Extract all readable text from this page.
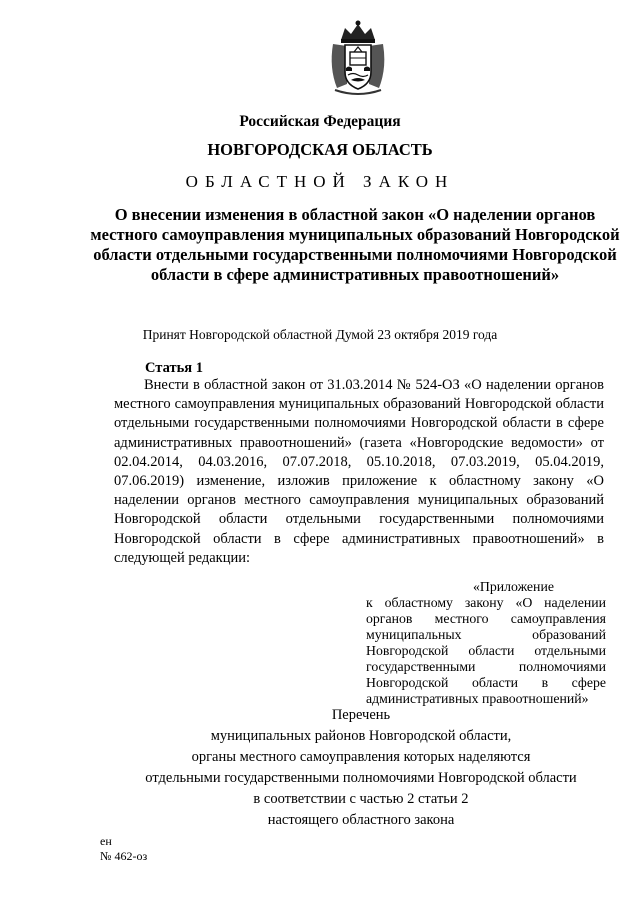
Российская Федерация
НОВГОРОДСКАЯ ОБЛАСТЬ
ОБЛАСТНОЙ ЗАКОН
О внесении изменения в областной закон «О наделении органов местного самоуправления муниципальных образований Новгородской области отдельными государственными полномочиями Новгородской области в сфере административных правоотношений»
Принят Новгородской областной Думой 23 октября 2019 года
Статья 1

Внести в областной закон от 31.03.2014 № 524-ОЗ «О наделении органов местного самоуправления муниципальных образований Новгородской области отдельными государственными полномочиями Новгородской области в сфере административных правоотношений» (газета «Новгородские ведомости» от 02.04.2014, 04.03.2016, 07.07.2018, 05.10.2018, 07.03.2019, 05.04.2019, 07.06.2019) изменение, изложив приложение к областному закону «О наделении органов местного самоуправления муниципальных образований Новгородской области отдельными государственными полномочиями Новгородской области в сфере административных правоотношений» в следующей редакции:

«Приложение
к областному закону «О наделении органов местного самоуправления муниципальных образований Новгородской области отдельными государственными полномочиями Новгородской области в сфере административных правоотношений»
Перечень
муниципальных районов Новгородской области,
органы местного самоуправления которых наделяются
отдельными государственными полномочиями Новгородской области
в соответствии с частью 2 статьи 2
настоящего областного закона
ен
№ 462-оз
